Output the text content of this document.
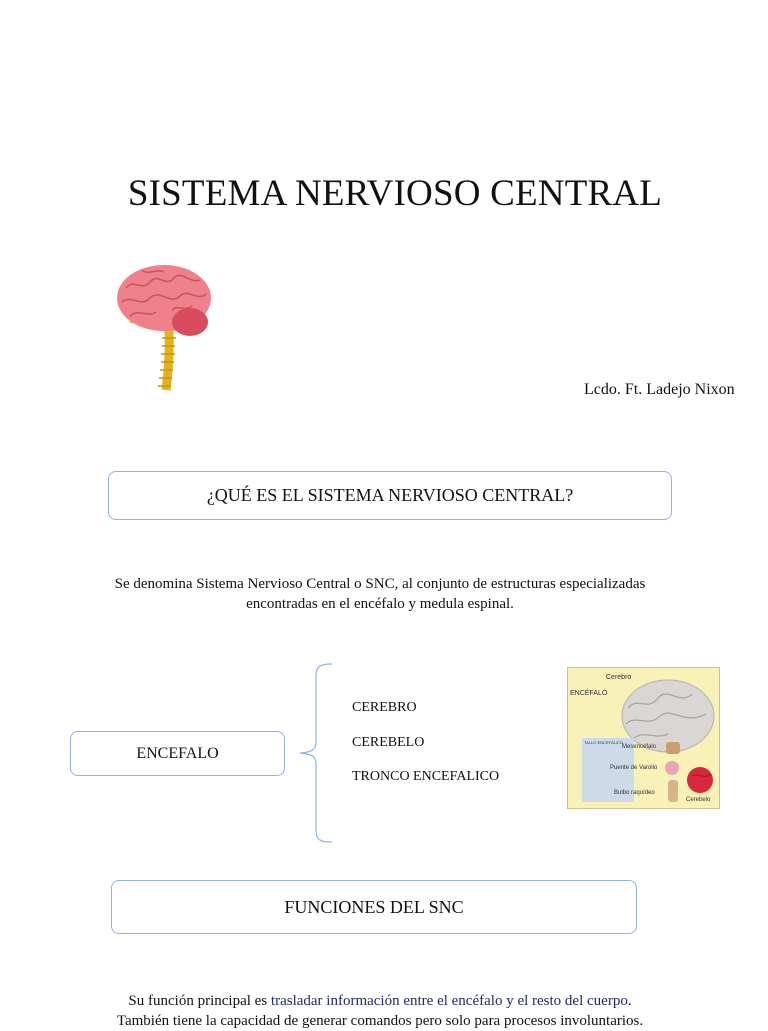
SISTEMA NERVIOSO CENTRAL
Lcdo. Ft. Ladejo Nixon
¿QUÉ ES EL SISTEMA NERVIOSO CENTRAL?
Se denomina Sistema Nervioso Central o SNC, al conjunto de estructuras especializadas
encontradas en el encéfalo y medula espinal.
ENCEFALO
CEREBRO
CEREBELO
TRONCO ENCEFALICO
Cerebro
ENCÉFALO
TALLO ENCEFÁLICO
Mesencéfalo
Puente de Varolio
Bulbo raquídeo
Cerebelo
FUNCIONES DEL SNC
Su función principal es trasladar información entre el encéfalo y el resto del cuerpo.
También tiene la capacidad de generar comandos pero solo para procesos involuntarios.
